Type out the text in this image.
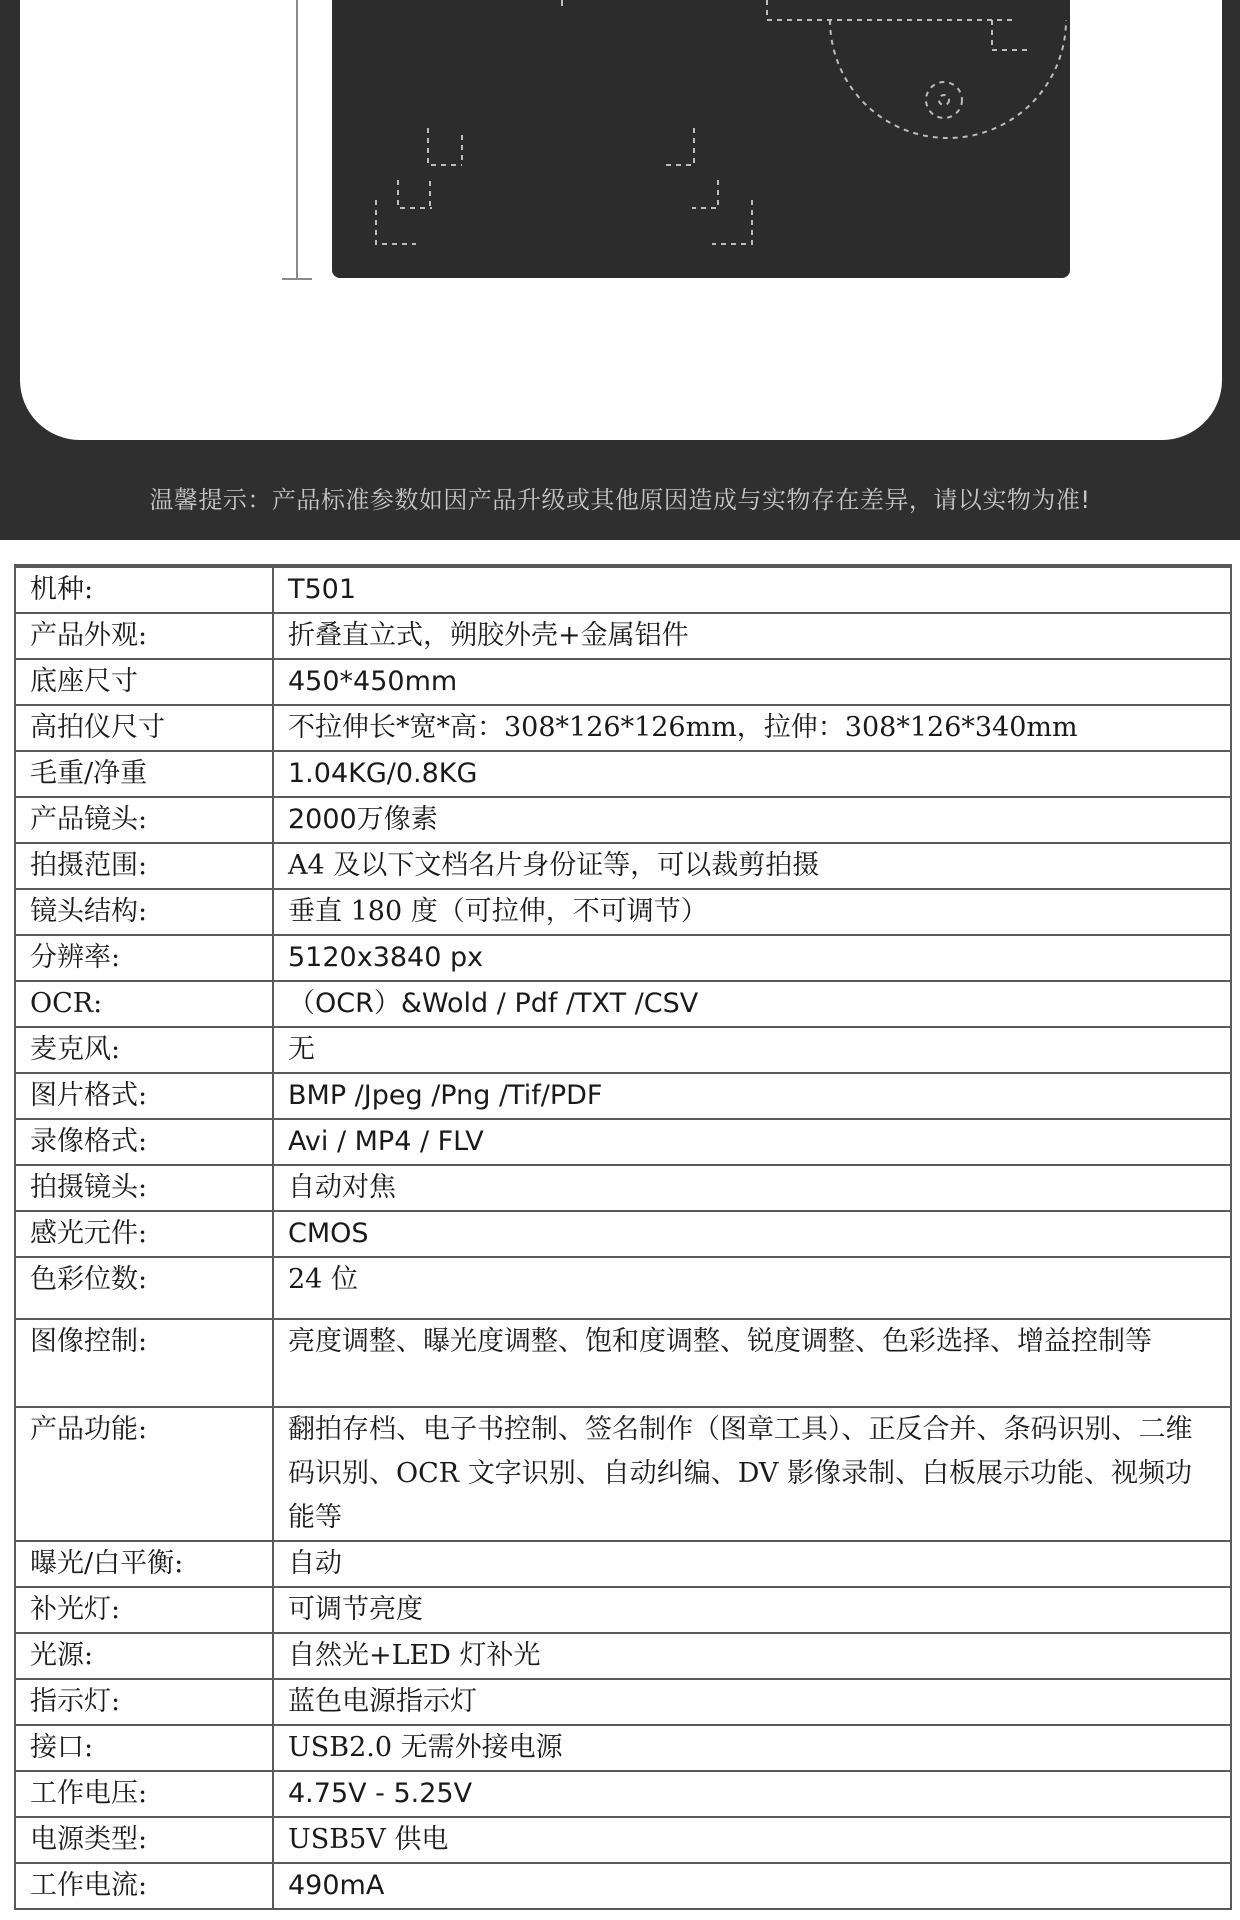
温馨提示：产品标准参数如因产品升级或其他原因造成与实物存在差异，请以实物为准!
机种:	T501
产品外观:	折叠直立式，朔胶外壳+金属铝件
底座尺寸	450*450mm
高拍仪尺寸	不拉伸长*宽*高：308*126*126mm，拉伸：308*126*340mm
毛重/净重	1.04KG/0.8KG
产品镜头:	2000万像素
拍摄范围:	A4 及以下文档名片身份证等，可以裁剪拍摄
镜头结构:	垂直 180 度（可拉伸，不可调节）
分辨率:	5120x3840 px
OCR:	（OCR）&Wold / Pdf /TXT /CSV
麦克风:	无
图片格式:	BMP /Jpeg /Png /Tif/PDF
录像格式:	Avi / MP4 / FLV
拍摄镜头:	自动对焦
感光元件:	CMOS
色彩位数:	24 位
图像控制:	亮度调整、曝光度调整、饱和度调整、锐度调整、色彩选择、增益控制等
产品功能:	翻拍存档、电子书控制、签名制作（图章工具）、正反合并、条码识别、二维码识别、OCR 文字识别、自动纠编、DV 影像录制、白板展示功能、视频功能等
曝光/白平衡:	自动
补光灯:	可调节亮度
光源:	自然光+LED 灯补光
指示灯:	蓝色电源指示灯
接口:	USB2.0 无需外接电源
工作电压:	4.75V - 5.25V
电源类型:	USB5V 供电
工作电流:	490mA
